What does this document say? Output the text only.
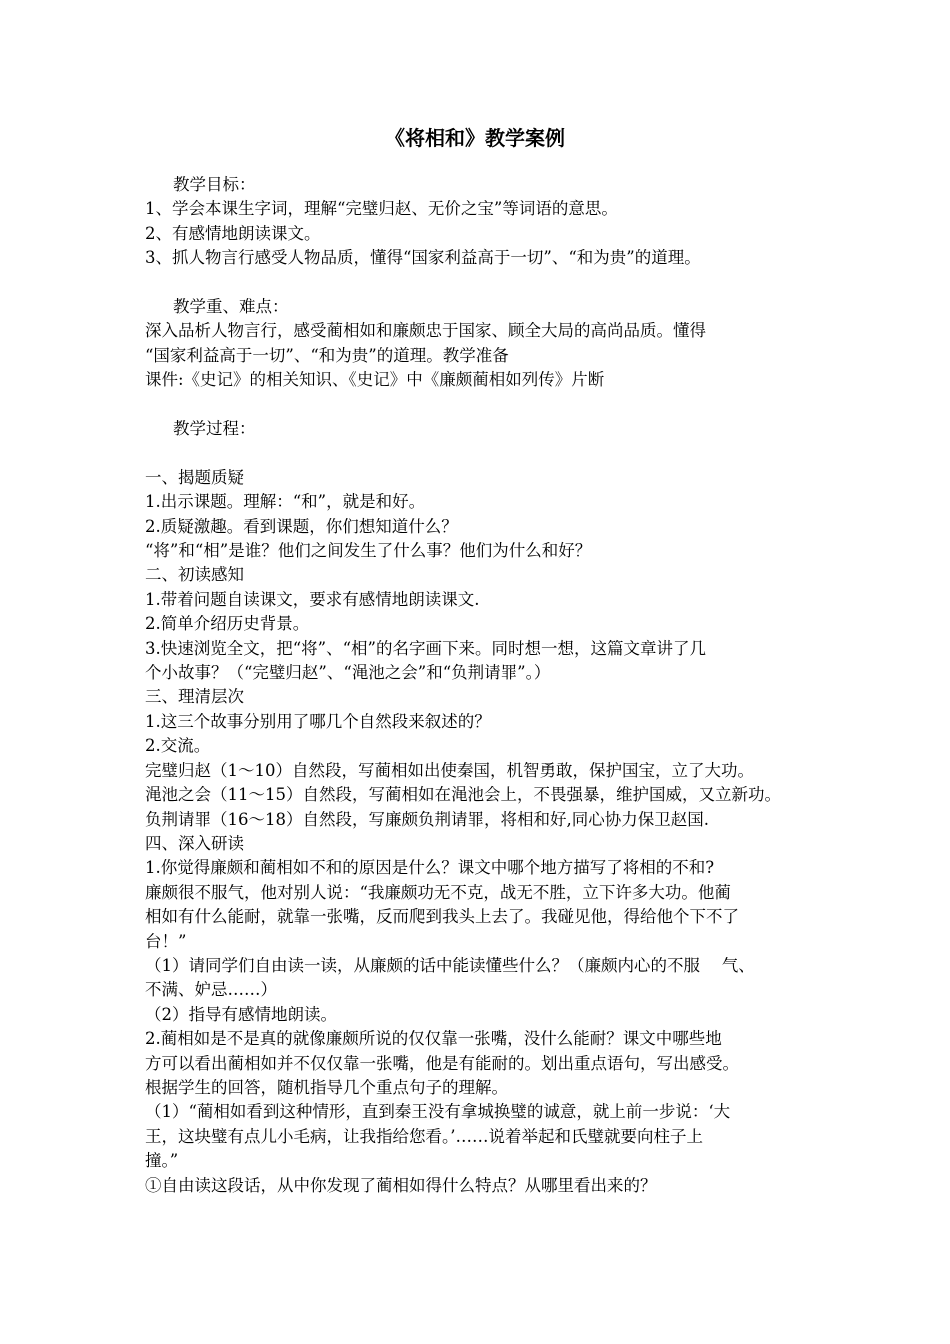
《将相和》教学案例

教学目标：

1、学会本课生字词，理解“完璧归赵、无价之宝”等词语的意思。

2、有感情地朗读课文。

3、抓人物言行感受人物品质，懂得“国家利益高于一切”、“和为贵”的道理。

教学重、难点：

深入品析人物言行，感受蔺相如和廉颇忠于国家、顾全大局的高尚品质。懂得

“国家利益高于一切”、“和为贵”的道理。教学准备

课件:《史记》的相关知识、《史记》中《廉颇蔺相如列传》片断

教学过程：

一、揭题质疑

1.出示课题。理解：“和”，就是和好。

2.质疑激趣。看到课题，你们想知道什么？

“将”和“相”是谁？他们之间发生了什么事？他们为什么和好？

二、初读感知

1.带着问题自读课文，要求有感情地朗读课文.

2.简单介绍历史背景。

3.快速浏览全文，把“将”、“相”的名字画下来。同时想一想，这篇文章讲了几

个小故事？（“完璧归赵”、“渑池之会”和“负荆请罪”。）

三、理清层次

1.这三个故事分别用了哪几个自然段来叙述的？

2.交流。

完璧归赵（1～10）自然段，写蔺相如出使秦国，机智勇敢，保护国宝，立了大功。

渑池之会（11～15）自然段，写蔺相如在渑池会上，不畏强暴，维护国威，又立新功。

负荆请罪（16～18）自然段，写廉颇负荆请罪，将相和好,同心协力保卫赵国.

四、深入研读

1.你觉得廉颇和蔺相如不和的原因是什么？课文中哪个地方描写了将相的不和?

廉颇很不服气，他对别人说：“我廉颇功无不克，战无不胜，立下许多大功。他蔺

相如有什么能耐，就靠一张嘴，反而爬到我头上去了。我碰见他，得给他个下不了

台！”

（1）请同学们自由读一读，从廉颇的话中能读懂些什么？（廉颇内心的不服　 气、

不满、妒忌……）

（2）指导有感情地朗读。

2.蔺相如是不是真的就像廉颇所说的仅仅靠一张嘴，没什么能耐？课文中哪些地

方可以看出蔺相如并不仅仅靠一张嘴，他是有能耐的。划出重点语句，写出感受。

根据学生的回答，随机指导几个重点句子的理解。

（1）“蔺相如看到这种情形，直到秦王没有拿城换璧的诚意，就上前一步说：‘大

王，这块璧有点儿小毛病，让我指给您看。’……说着举起和氏璧就要向柱子上

撞。”

①自由读这段话，从中你发现了蔺相如得什么特点？从哪里看出来的？
